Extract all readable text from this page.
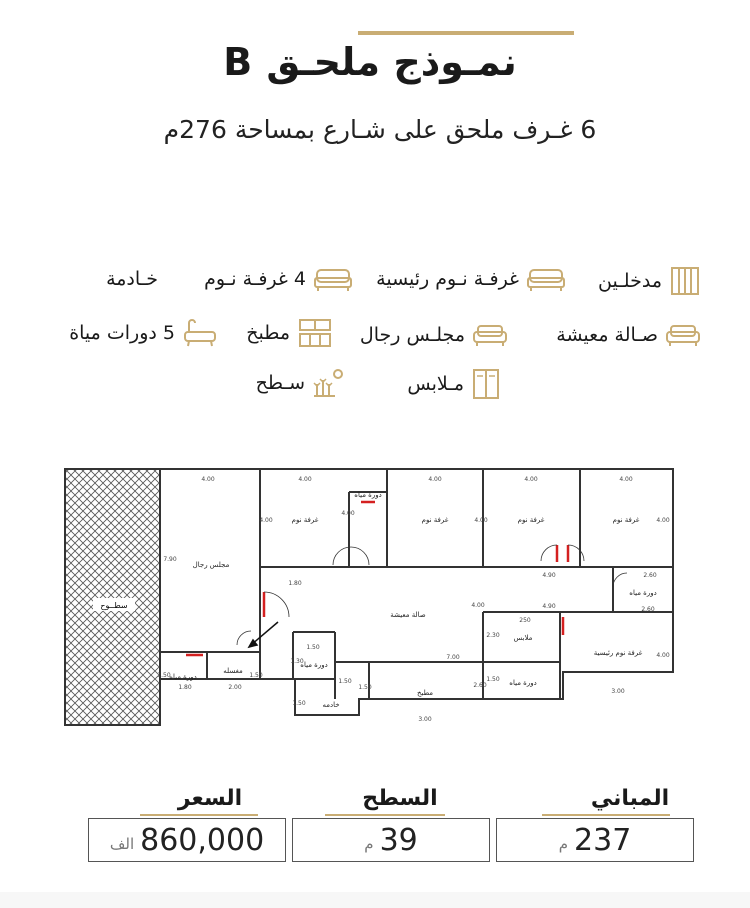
نمـوذج ملحـق B
6 غـرف ملحق على شـارع بمساحة 276م
مدخلـين
غرفـة نـوم رئيسية
4 غرفـة نـوم
خـادمة
صـالة معيشة
مجلـس رجال
مطبخ
5 دورات مياة
مـلابس
سـطح
سطــوح
مجلس رجال
غرفة نوم
دورة مياه
غرفة نوم	غرفة نوم	غرفة نوم
دورة مياه
صالة معيشة
غرفة نوم رئيسية
ملابس
دورة مياه
مطبخ
دورة مياه
خادمه
دورة مياه
مغسله
4.00	4.00	4.00	4.00	4.00
7.90
4.00
1.80
4.00
4.90
4.90
2.60
2.60
4.00
7.00
1.50
1.30
1.50
1.50
1.80	2.00
1.50
1.50
3.00
2.60
2.30
250
1.50
3.00
4.00
1.50
4.00
4.00
المباني
237
م
السطح
39
م
السعر
860,000
الف
